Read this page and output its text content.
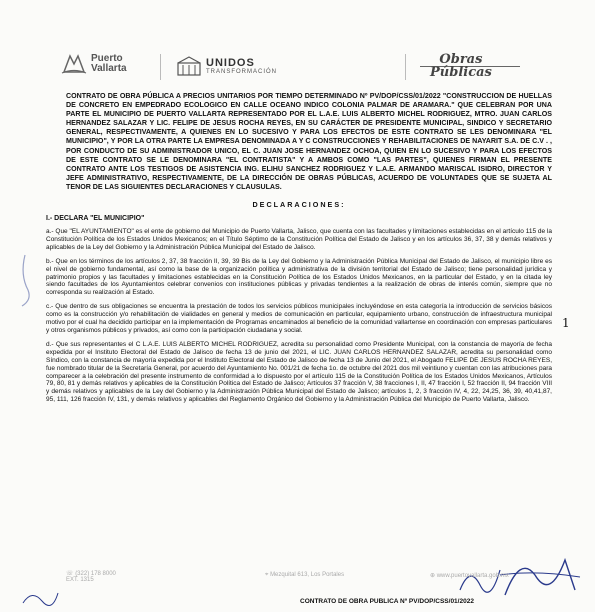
Puerto
Vallarta	UNIDOS
TRANSFORMACIÓN
Obras
Públicas

CONTRATO DE OBRA PÚBLICA A PRECIOS UNITARIOS POR TIEMPO DETERMINADO Nº PV/DOP/CSS/01/2022 "CONSTRUCCION DE HUELLAS DE CONCRETO EN EMPEDRADO ECOLOGICO EN CALLE OCEANO INDICO COLONIA PALMAR DE ARAMARA." QUE CELEBRAN POR UNA PARTE EL MUNICIPIO DE PUERTO VALLARTA REPRESENTADO POR EL L.A.E. LUIS ALBERTO MICHEL RODRIGUEZ, MTRO. JUAN CARLOS HERNANDEZ SALAZAR Y LIC. FELIPE DE JESUS ROCHA REYES, EN SU CARÁCTER DE PRESIDENTE MUNICIPAL, SINDICO Y SECRETARIO GENERAL, RESPECTIVAMENTE, A QUIENES EN LO SUCESIVO Y PARA LOS EFECTOS DE ESTE CONTRATO SE LES DENOMINARA "EL MUNICIPIO", Y POR LA OTRA PARTE LA EMPRESA DENOMINADA A Y C CONSTRUCCIONES Y REHABILITACIONES DE NAYARIT S.A. DE C.V . , POR CONDUCTO DE SU ADMINISTRADOR UNICO, EL C. JUAN JOSE HERNANDEZ OCHOA, QUIEN EN LO SUCESIVO Y PARA LOS EFECTOS DE ESTE CONTRATO SE LE DENOMINARA "EL CONTRATISTA" Y A AMBOS COMO "LAS PARTES", QUIENES FIRMAN EL PRESENTE CONTRATO ANTE LOS TESTIGOS DE ASISTENCIA ING. ELIHU SANCHEZ RODRIGUEZ Y L.A.E. ARMANDO MARISCAL ISIDRO, DIRECTOR Y JEFE ADMINISTRATIVO, RESPECTIVAMENTE, DE LA DIRECCIÓN DE OBRAS PÚBLICAS, ACUERDO DE VOLUNTADES QUE SE SUJETA AL TENOR DE LAS SIGUIENTES DECLARACIONES Y CLAUSULAS.

DECLARACIONES:
I.- DECLARA "EL MUNICIPIO"

a.- Que "EL AYUNTAMIENTO" es el ente de gobierno del Municipio de Puerto Vallarta, Jalisco, que cuenta con las facultades y limitaciones establecidas en el artículo 115 de la Constitución Política de los Estados Unidos Mexicanos; en el Título Séptimo de la Constitución Política del Estado de Jalisco y en los artículos 36, 37, 38 y demás relativos y aplicables de la Ley del Gobierno y la Administración Pública Municipal del Estado de Jalisco.

b.- Que en los términos de los artículos 2, 37, 38 fracción II, 39, 39 Bis de la Ley del Gobierno y la Administración Pública Municipal del Estado de Jalisco, el municipio libre es el nivel de gobierno fundamental, así como la base de la organización política y administrativa de la división territorial del Estado de Jalisco; tiene personalidad jurídica y patrimonio propios y las facultades y limitaciones establecidas en la Constitución Política de los Estados Unidos Mexicanos, en la particular del Estado, y en la citada ley siendo facultades de los Ayuntamientos celebrar convenios con instituciones públicas y privadas tendientes a la realización de obras de interés común, siempre que no corresponda su realización al Estado.

c.- Que dentro de sus obligaciones se encuentra la prestación de todos los servicios públicos municipales incluyéndose en esta categoría la introducción de servicios básicos como es la construcción y/o rehabilitación de vialidades en general y medios de comunicación en particular, equipamiento urbano, construcción de infraestructura municipal motivo por el cual ha decidido participar en la implementación de Programas encaminados al beneficio de la comunidad vallartense en coordinación con empresas particulares y otros organismos públicos y privados, así como con la participación ciudadana y social.

d.- Que sus representantes el C L.A.E. LUIS ALBERTO MICHEL RODRIGUEZ, acredita su personalidad como Presidente Municipal, con la constancia de mayoría de fecha expedida por el Instituto Electoral del Estado de Jalisco de fecha 13 de junio del 2021, el LIC. JUAN CARLOS HERNANDEZ SALAZAR, acredita su personalidad como Síndico, con la constancia de mayoría expedida por el Instituto Electoral del Estado de Jalisco de fecha 13 de Junio del 2021, el Abogado FELIPE DE JESUS ROCHA REYES, fue nombrado titular de la Secretaría General, por acuerdo del Ayuntamiento No. 001/21 de fecha 1o. de octubre del 2021 dos mil veintiuno y cuentan con las atribuciones para comparecer a la celebración del presente instrumento de conformidad a lo dispuesto por el artículo 115 de la Constitución Política de los Estados Unidos Mexicanos, Artículos 79, 80, 81 y demás relativos y aplicables de la Constitución Política del Estado de Jalisco; Artículos 37 fracción V, 38 fracciones I, II, 47 fracción I, 52 fracción II, 94 fracción VIII y demás relativos y aplicables de la Ley del Gobierno y la Administración Pública Municipal del Estado de Jalisco; artículos 1, 2, 3 fracción IV, 4, 22, 24,25, 36, 39, 40,41,87, 95, 111, 126 fracción IV, 131, y demás relativos y aplicables del Reglamento Orgánico del Gobierno y la Administración Pública del Municipio de Puerto Vallarta, Jalisco.

1
☏ (322) 178 8000
EXT. 1315
⌖ Mezquital 613, Los Portales	⊕ www.puertovallarta.gob.mx
CONTRATO DE OBRA PUBLICA Nº PV/DOP/CSS/01/2022
